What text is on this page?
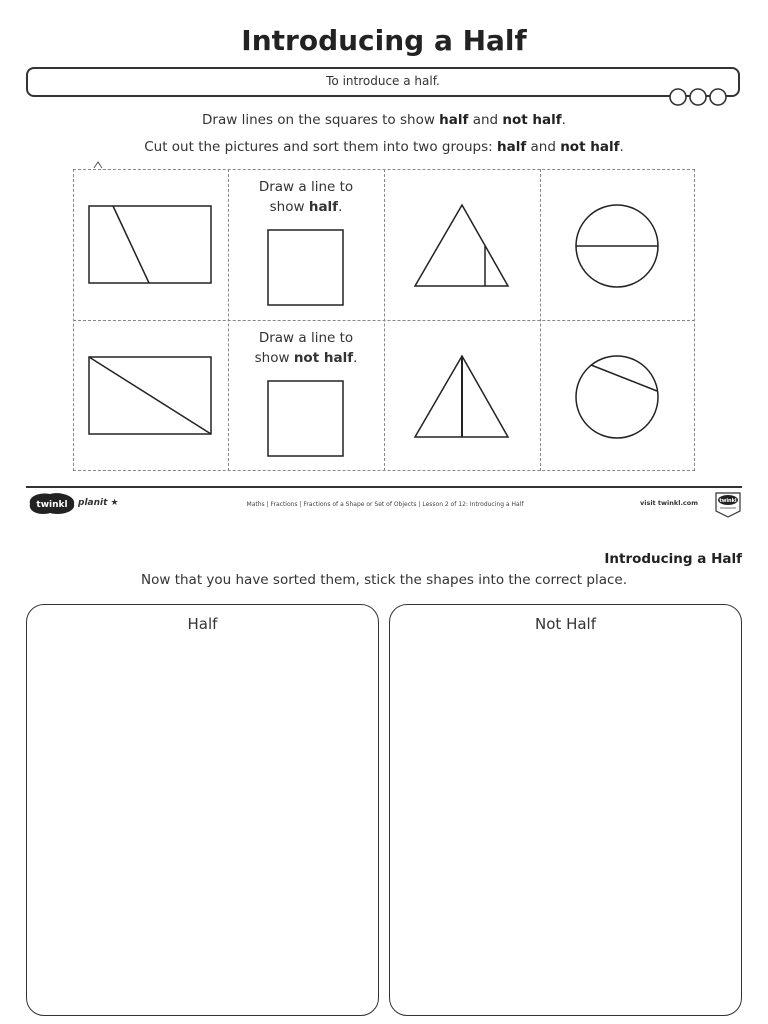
Introducing a Half
To introduce a half.
Draw lines on the squares to show half and not half.
Cut out the pictures and sort them into two groups: half and not half.
Draw a line to
show half.
Draw a line to
show not half.
twinkl planit ★	Maths | Fractions | Fractions of a Shape or Set of Objects | Lesson 2 of 12: Introducing a Half	visit twinkl.com	twinkl
Introducing a Half
Now that you have sorted them, stick the shapes into the correct place.
Half	Not Half
